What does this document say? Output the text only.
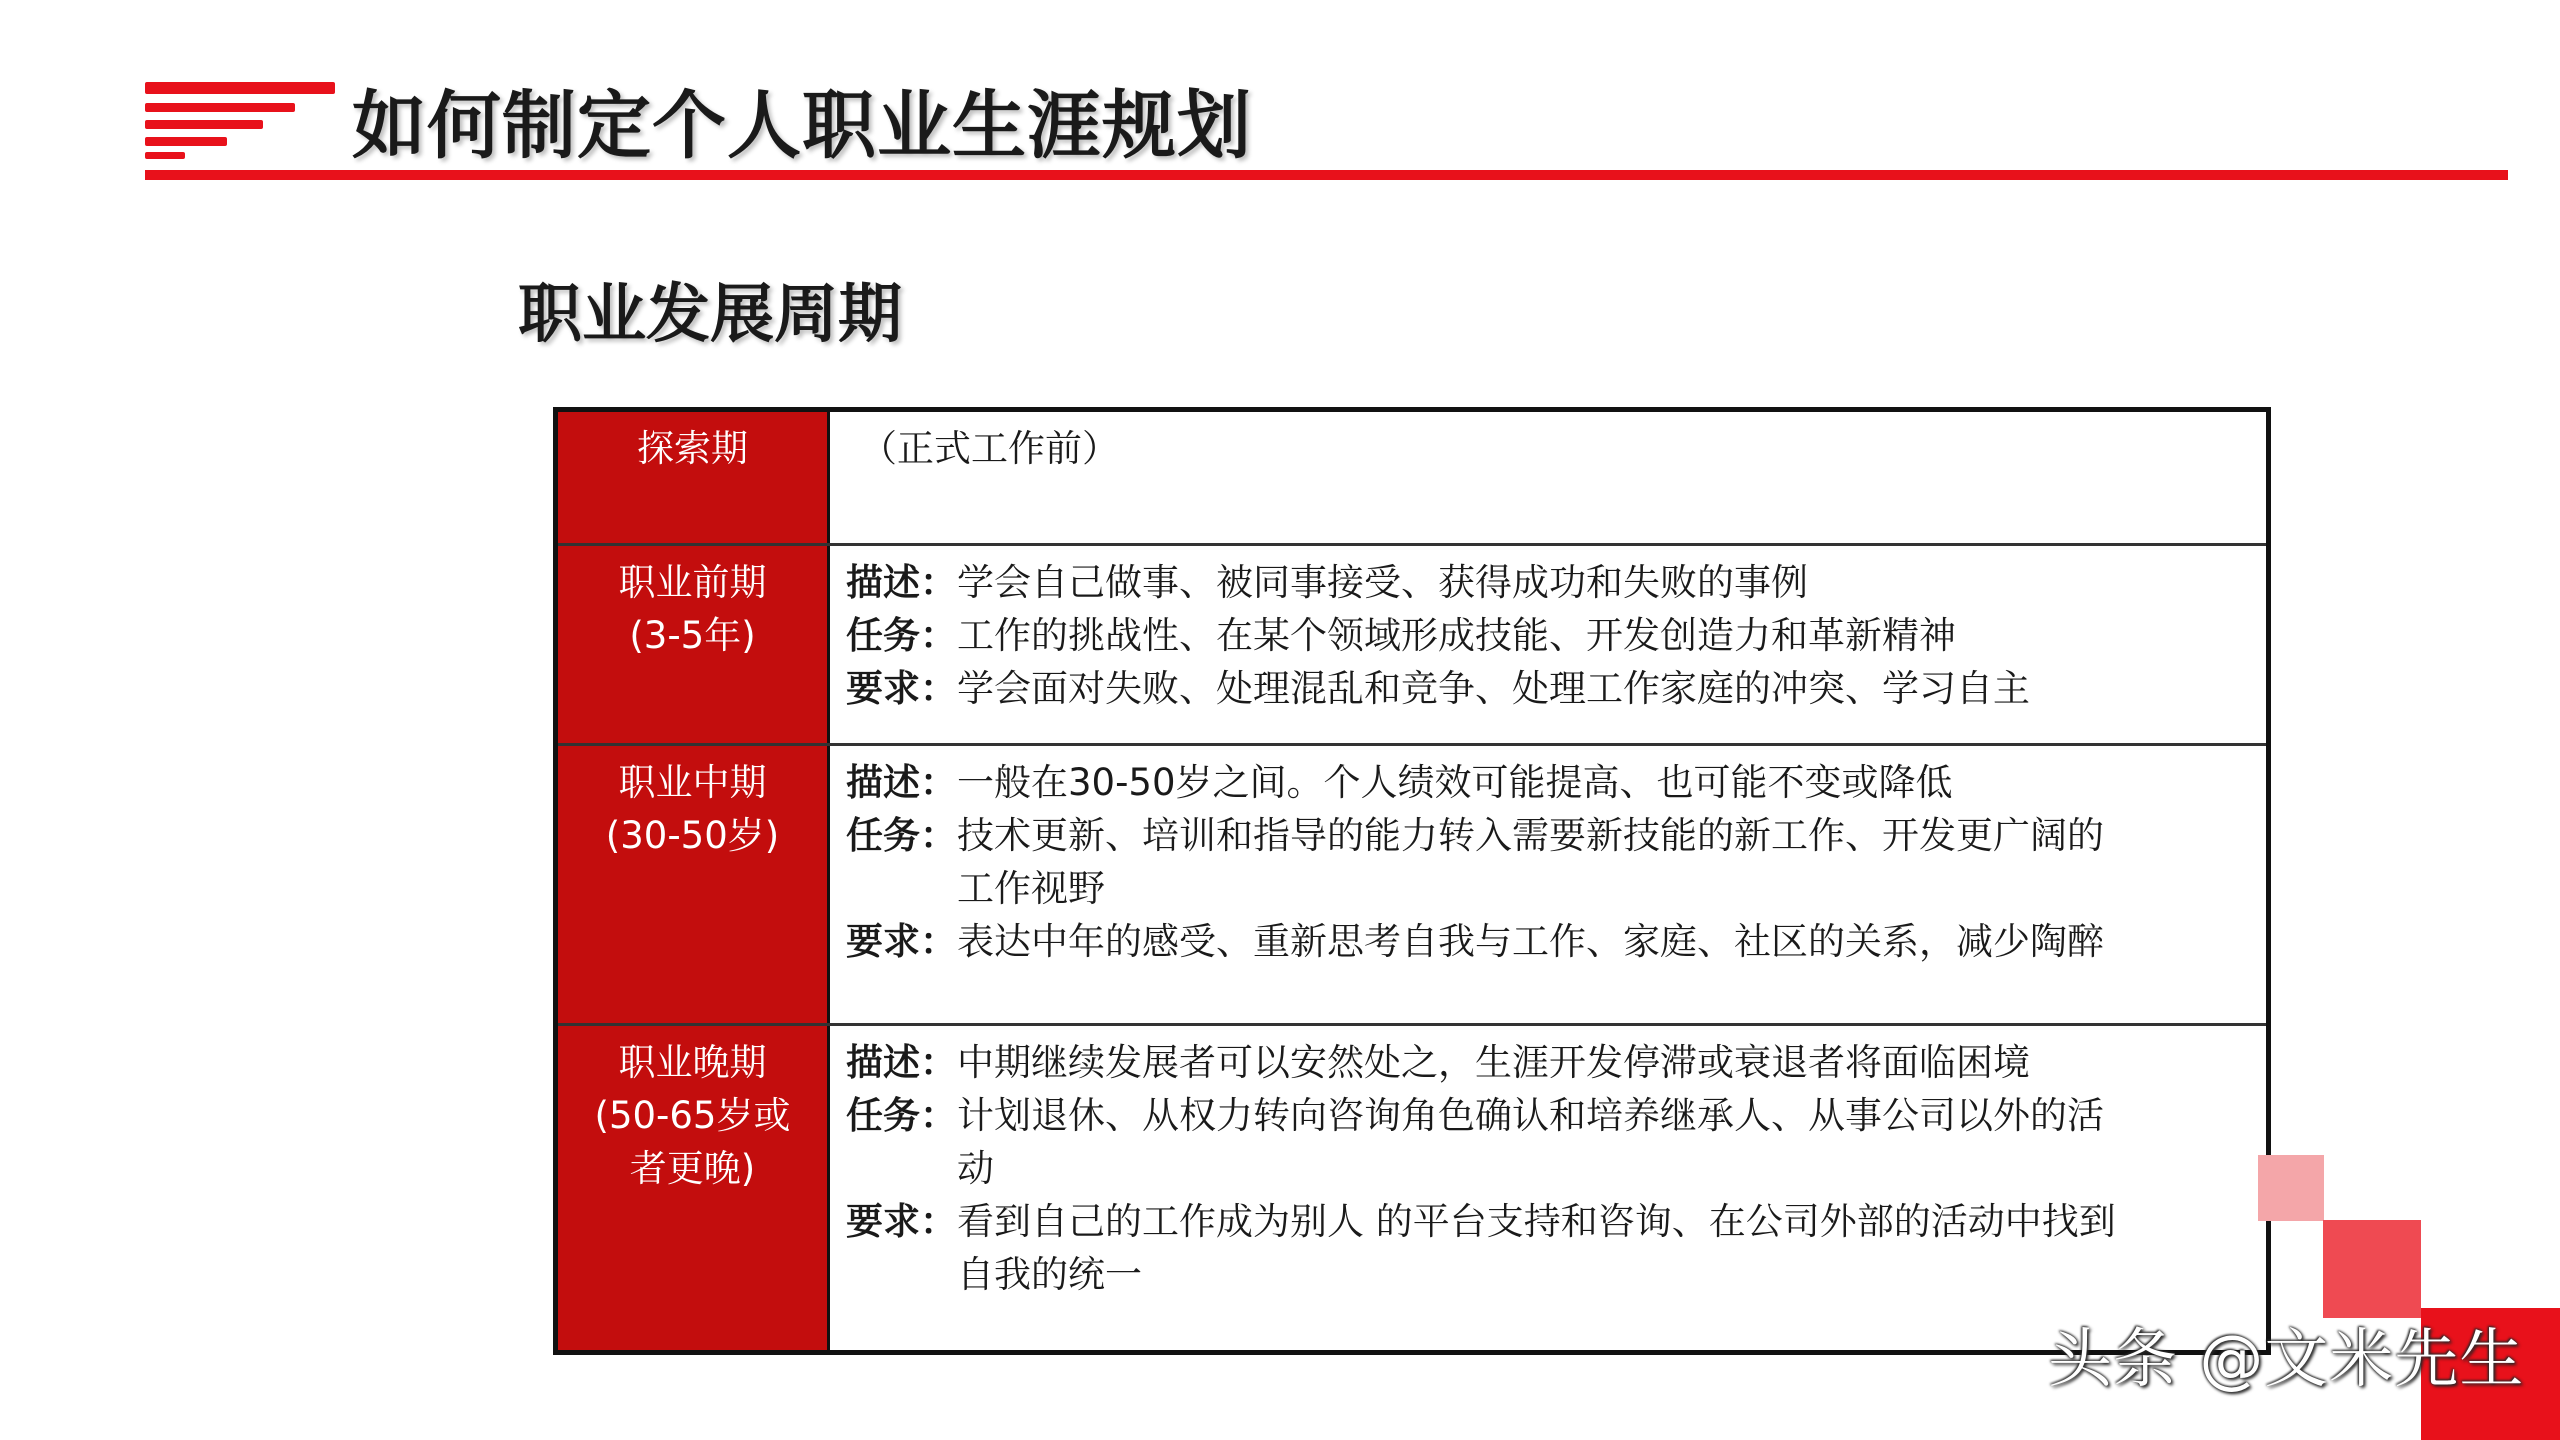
如何制定个人职业生涯规划
职业发展周期
探索期	（正式工作前）
职业前期
(3-5年)
描述： 学会自己做事、被同事接受、获得成功和失败的事例
任务： 工作的挑战性、在某个领域形成技能、开发创造力和革新精神
要求： 学会面对失败、处理混乱和竞争、处理工作家庭的冲突、学习自主
职业中期
(30-50岁)
描述： 一般在30-50岁之间。个人绩效可能提高、也可能不变或降低
任务： 技术更新、培训和指导的能力转入需要新技能的新工作、开发更广阔的工作视野
要求： 表达中年的感受、重新思考自我与工作、家庭、社区的关系，减少陶醉
职业晚期
(50-65岁或者更晚)
描述： 中期继续发展者可以安然处之，生涯开发停滞或衰退者将面临困境
任务： 计划退休、从权力转向咨询角色确认和培养继承人、从事公司以外的活动
要求： 看到自己的工作成为别人 的平台支持和咨询、在公司外部的活动中找到自我的统一
头条 @文米先生
